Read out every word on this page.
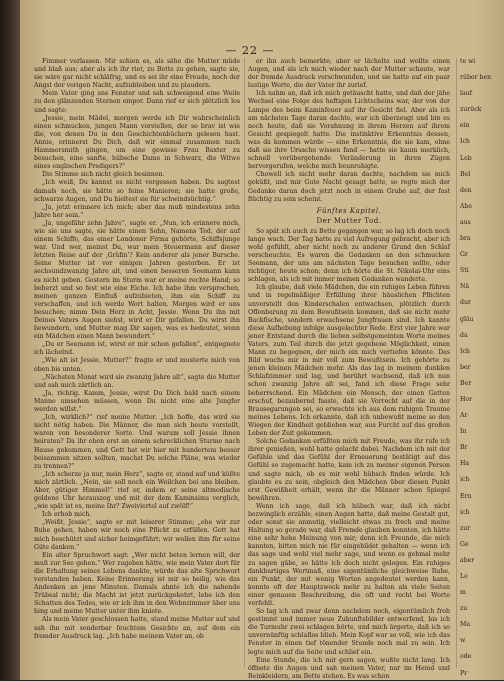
— 22 —

Fimmer verlassen. Mir schien es, als sähe die Mutter müde und blaß aus; aber als ich ihr riet, zu Bette zu gehen, sagte sie, sie wäre gar nicht schläfrig, und es sei ihr eine Freude, noch der Angst der vorigen Nacht, aufzubleiben und zu plaudern.

Mein Vater ging ans Fenster und sah schweigend eine Weile zu den glänzenden Sternen empor. Dann rief er sich plötzlich los und sagte:

„Jessie, mein Mädel, morgen werde ich Dir wahrscheinlich einen schmucken, jungen Mann vorstellen, der so brav ist wie die, von denen Du in den Geschichtenbüchern gelesen hast. Annie, erinnerst Du Dich, daß wir einmal zusammen nach Hammersmith gingen, um eine gewisse Frau Baxter zu besuchen, eine sanfte, hübsche Dame in Schwarz, die Witwe eines englischen Predigers?“

Die Stimme sich nicht gleich besinnen.

„Ich weiß, Du kannst es nicht vergessen haben. Du sagtest damals noch, sie hätte so feine Manieren; sie hatte große, schwarze Augen, und Du hieltest sie für schwindsüchtig.“

„Ja, jetzt erinnere ich mich; aber das muß mindestens zehn Jahre her sein.“

„Ja, ungefähr zehn Jahre“, sagte er. „Nun, ich erinnere mich, wie sie uns sagte, sie hätte einen Sohn, Namens Ted, der auf einem Schiffe, das einer Londoner Firma gehörte, Schiffsjunge war. Und wer, meinst Du, war mein Steuermann auf dieser letzten Reise auf der ‚Gräfin‘? Kein anderer als jener Bursche. Seine Mutter ist vor einigen Jahren gestorben. Er ist sechsundzwanzig Jahre alt, und einen besseren Seemann kann es nicht geben. Gestern im Sturm war er meine rechte Hand; so beherzt und so fest wie eine Eiche. Ich habe ihm versprochen, meinen ganzen Einfluß aufzubieten, ihm ein Schiff zu verschaffen, und ich werde Wort halten. Morgen wird er uns besuchen; nimm Dein Herz in Acht, Jessie. Wenn Du ihn mit Deines Vaters Augen siehst, wird er Dir gefallen. Du wirst ihn bewundern, und Mutter mag Dir sagen, was es bedeutet, wenn ein Mädchen einen Mann bewundert.“

„Du er Seemann ist, wirst er mir schon gefallen“, entgegnete ich lächelnd.

„Wie alt ist Jessie, Mutter?“ fragte er und musterte mich von oben bis unten.

„Nächsten Monat wird sie zwanzig Jahre alt“, sagte die Mutter und sah mich zärtlich an.

„Ja, richtig. Kamm, Jessie, wirst Du Dich bald nach einem Manne umsehen müssen, wenn Du nicht eine alte Jungfer werden willst.“

„Ich, wirklich?“ rief meine Mutter. „Ich hoffe, das wird sie nicht nötig haben. Die Männer, die man sich heute vorstellt, waren von besonderer Sorte. Und warum soll Jessie ihnen heiraten? Da ihr eben erst an einem schrecklichen Sturme nach Hause gekommen, und Gott hat wir hier mit hundertem besser beisammen sitzen sollten, machst Du solche Pläne, was wieder zu trennen?“

„Ich scherze ja nur, mein Herz“, sagte er, stand auf und küßte mich zärtlich. „Nein, sie soll noch ein Weilchen bei uns bleiben. Aber, gütiger Himmel!“ rief er, indem er seine altmodische goldene Uhr herauszog und mit der dem Kaminsims verglich, „wie spät ist es, meine Ihr? Zweiviertel auf zwölf!“

Ich erhob mich.

„Weißt, Jessie“, sagte er mit leiserer Stimme; „ehe wir zur Ruhe gehen, haben wir noch eine Pflicht zu erfüllen. Gott hat mich beschützt und sicher heimgeführt; wir wollen ihm für seine Güte danken.“

Ein alter Spruchwort sagt: „Wer nicht beten lernen will, der muß zur See gehen.“ Wer zugeben hätte, wie mein Vater dort für die Erhaltung seines Lebens dankte, würde das alte Sprichwort verstanden haben. Keine Erinnerung ist mir so heilig, wie das Andenken an jene Minuten. Damals ahnte ich die nahende Trübsal nicht; die Macht ist jetzt zurückgekehrt, lebe ich den Schatten des Todes, wie er ich ihm in den Wohnzimmer über uns hing und meine Mutter unter ihm kniete.

Als mein Vater geschlossen hatte, stand meine Mutter auf und sah ihn mit sonderbar feuchtem Gesichte an, auf dem ein fremder Ausdruck lag. „Ich habe meinem Vater an, ob

er ihn auch bemerkte; aber er lächelte und wollte einen Augen, und als ich mich wieder nach der Mutter schaute, war der fremde Ausdruck verschwunden, und sie hatte auf ein paar lustige Worte, die der Vater ihr zurief.

Ich nahm an, daß ich mich getäuscht hatte, und daß der jähe Wechsel eine Folge des heftigen Lichtscheins war, der von der Lampe des beim Kaminfeuer auf ihr Gesicht fiel. Aber als ich am nächsten Tage daran dachte, war ich überzeugt und bin es noch heute, daß sie Vorahnung in ihrem Herzen auf ihrem Gesicht gespiegelt hatte. Die instinktive Erkenntnis dessen, was da kommen würde — eine Erkenntnis, die sie kam, ohne daß sie ihre Ursache wissen fand — hatte sie kaum merklich, schnell vorübergehende Veränderung in ihren Zügen hervorgerufen, welche mich beunruhigte.

Chowell ich nicht mehr daran dachte, nachdem sie mich geküßt, und mir Gute Nacht gesagt hatte, so regte mich der Gedanke daran doch jetzt noch in einem Grabe auf, der fast flüchtig zu sein scheint.

Fünftes Kapitel.
Der Mutter Tod.

So spät ich auch zu Bette gegangen war, so lag ich doch noch lange wach. Der Tag hatte zu viel Aufregung gebracht, aber ich wohl gefühlt, aber nicht noch zu anderer Grund den Schlaf verscheuchte. Es waren die Gedanken an den schmucken Seemann, der uns am nächsten Tage besuchen sollte, oder richtiger, heute schon; denn ich hörte die St. Nikolai-Uhr eins schlagen, als ich mit immer meinen Gedanken wanderte.

Ich glaube, daß viele Mädchen, die ein ruhiges Leben führen und in regelmäßiger Erfüllung ihrer häuslichen Pflichten unverstellt den Kinderschalen entwachsen, plötzlich durch Offenbarung zu dem Bewußtsein kommen, daß sie nicht mehr Backfische, sondern erwachsene Jungfrauen sind. Ich kannte diese Aufhebung infolge ausgelachter Rede. Erst vier Jahre war jener Entstand durch die lieben selbstgemeinten Worte meines Vaters, zum Teil durch die jetzt gegebene Möglichkeit, einen Mann zu begegnen, der mich ein mich vertiefen könnte. Das Bild wuchs mir in mir voll zum Bewußtsein. Ich gehörte zu jenen kleinen Mädchen mehr. Als das lag in meinem dunklen Schlafzimmer und lag, und berührt wachsend, daß ich nun schon zwanzig Jahre alt sei, fand ich diese Frage sehr beherrschend. Ein Mädchen ein Mensch, der einen Gatten erschuf, bezaubernd fasste, daß sie Vorrecht auf die in der Brausegarungen sei, so erwachte ich aus dem ruhigen Traume meines Lebens. Ich erkannte, daß ich unbewußt meine so den Wiegen der Kindheit geblieben war, aus Furcht auf das großen Leben der Zeit gekommen.

Solche Gedanken erfüllten mich mit Freude, was ihr rufe ich ihrer genießen, wohl hatte gelacht dabei. Nachdem ich mit der Gefühle und das Gefühl der Erneuerung bestätigt auf das Gefühl so zugemacht hatte, kam ich zu meiner eigenen Person und sagte mich, ob es mir wohl hübsch finden würde. Ich glaubte es zu sein, obgleich den Mädchen über diesen Punkt erst Gewißheit erhält, wenn ihr die Männer schon Spiegel bewähren.

Wenn ich sage, daß ich hübsch war, daß ich nicht bezwinglich erzähle, einen Augen hatte, daß meine Gestalt gut, oder sonst sie anmutig, vielleicht etwas zu frech und meine Haltung so gerade war, daß Fremde glauben konnten, ich hätte eine sehr hohe Meinung von mir; denn ich Freunde, die mich kannten, bitten mich nie für eingebildet gehalten — wenn ich das sage und wohl viel mehr sage, und wenn es gehmal mehr zu sagen gäbe, so hätte ich doch nicht gelogen. Ein ruhiges dankbartiges Wertmaß, eine eigentümliche gleichweise Ruhe, ein Punkt, der mit wenig Worten angedeutet werden kann, konnte oft der Hauptzweck mehr zu halten als viele Seiten einer genauen Beschreibung, die oft und recht bei Worte verfehlt.

So lag ich und zwar denn nachdem noch, eigentümlich froh gestimmt und immer neue Zukunftsbilder entwerfend, bis ich die Turmuhr zwei schlagen hörte, und mich ärgerte, daß ich so unvernünftig schlaflos blieb. Mein Kopf war so voll, wie ich das Fenster in einen tief tönender Stunde noch mal zu sein. Ich legte mich auf die Seite und schlief ein.

Eine Stunde, die ich mir gern sagen, wußte nicht lang. Ich öffnete die Augen und sah meinen Vater, nur im Hemd und Beinkleidern, am Bette stehen. Es was schon

te wi

rüber ben

lauf

zurück

ein

Ich

Leb

Bel

den

Abe

aus

bra

Gr

Sti

Nä

dur

gläu

da

Ich

ber

Ber

Hor

Ar

In

Br

Ha

ich

Ern

ich

zur

Ge

aber

Le

m

zu

Ma

w

ode

Pr
